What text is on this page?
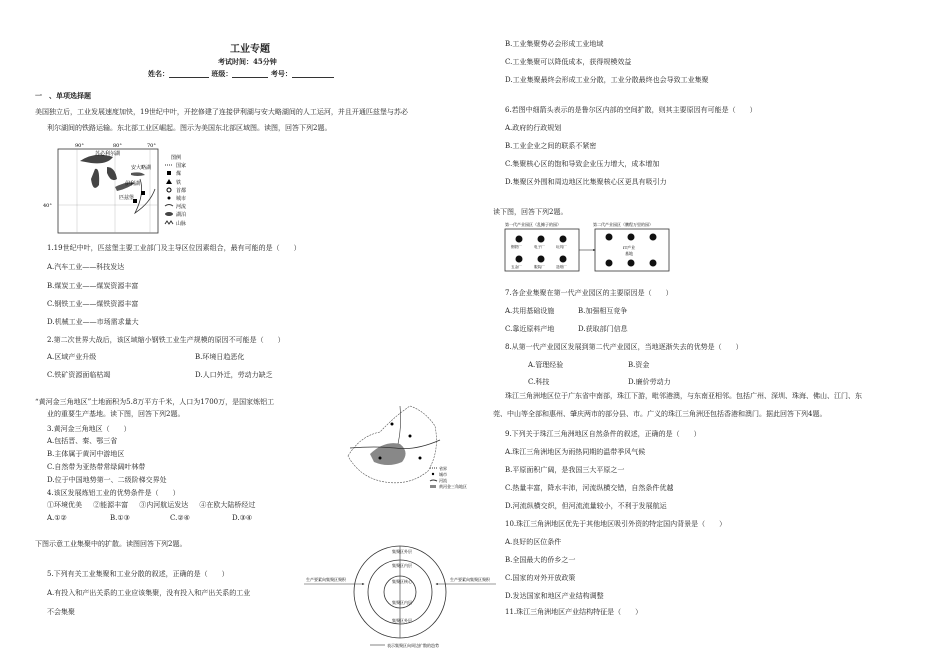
工业专题
考试时间：45分钟
姓名：	班级：	考号：
一　、单项选择题
美国独立后，工业发展速度加快，19世纪中叶，开挖修建了连接伊利湖与安大略湖间的人工运河，并且开通匹兹堡与苏必
利尔湖间的铁路运输。东北部工业区崛起。图示为美国东北部区域图。读图，回答下列2题。
90°	80°	70°
40°
苏必利尔湖
安大略湖
伊利湖
匹兹堡
图例
国家
煤
铁
首都
城市
河流
湖泊
山脉
1.19世纪中叶，匹兹堡主要工业部门及主导区位因素组合，最有可能的是（　　）
A.汽车工业——科技发达
B.煤炭工业——煤炭资源丰富
C.钢铁工业——煤铁资源丰富
D.机械工业——市场需求量大
2.第二次世界大战后，该区域缩小钢铁工业生产规模的原因不可能是（　　）
A.区域产业升级	B.环境日趋恶化
C.铁矿资源面临枯竭	D.人口外迁，劳动力缺乏
“黄河金三角地区”土地面积为5.8万平方千米，人口为1700万，是国家炼铝工
业的重要生产基地。读下图，回答下列2题。
3.黄河金三角地区（　　）
A.包括晋、秦、鄂三省
B.主体属于黄河中游地区
C.自然带为亚热带常绿阔叶林带
D.位于中国地势第一、二级阶梯交界处
4.该区发展炼铝工业的优势条件是（　　）
①环境优美 ②能源丰富 ③内河航运发达 ④在欧大陆桥经过
A.①②	B.①③	C.②④	D.③④
省界
城市
河流
黄河金三角地区
下图示意工业集聚中的扩散。读图回答下列2题。
5.下列有关工业集聚和工业分散的叙述，正确的是（　　）
A.有投入和产出关系的工业应该集聚，没有投入和产出关系的工业
不会集聚
集聚区外层
集聚区内层
集聚区核心
集聚区内层
集聚区外层
生产要素向集聚区聚积	生产要素向集聚区聚积
表示集聚区向周边扩散的趋势
B.工业集聚势必会形成工业地域
C.工业集聚可以降低成本，获得规模效益
D.工业集聚最终会形成工业分散，工业分散最终也会导致工业集聚
6.若图中细箭头表示的是鲁尔区内部的空间扩散，则其主要原因有可能是（　　）
A.政府的行政规划
B.工业企业之间的联系不紧密
C.集聚核心区的饱和导致企业压力增大，成本增加
D.集聚区外围和周边地区比集聚核心区更具有吸引力
读下图，回答下列2题。
第一代产业园区（乱摊子的园）	第二代产业园区（鹏程万里的园）
钢铁厂	电子厂	玩具厂
五金厂	服装厂	造纸厂
IT产业
基地
7.各企业集聚在第一代产业园区的主要原因是（　　）
A.共用基础设施	B.加强相互竞争
C.靠近原料产地	D.获取部门信息
8.从第一代产业园区发展到第二代产业园区，当地逐渐失去的优势是（　　）
A.管理经验	B.资金
C.科技	D.廉价劳动力
珠江三角洲地区位于广东省中南部，珠江下游，毗邻港澳，与东南亚相邻。包括广州、深圳、珠海、佛山、江门、东
莞、中山等全部和惠州、肇庆两市的部分县、市。广义的珠江三角洲还包括香港和澳门。据此回答下列4题。
9.下列关于珠江三角洲地区自然条件的叙述，正确的是（　　）
A.珠江三角洲地区为雨热同期的温带季风气候
B.平原面积广阔，是我国三大平原之一
C.热量丰富，降水丰沛，河流纵横交错，自然条件优越
D.河流纵横交织，但河流流量较小，不利于发展航运
10.珠江三角洲地区优先于其他地区吸引外资的特定国内背景是（　　）
A.良好的区位条件
B.全国最大的侨乡之一
C.国家的对外开放政策
D.发达国家和地区产业结构调整
11.珠江三角洲地区产业结构特征是（　　）
